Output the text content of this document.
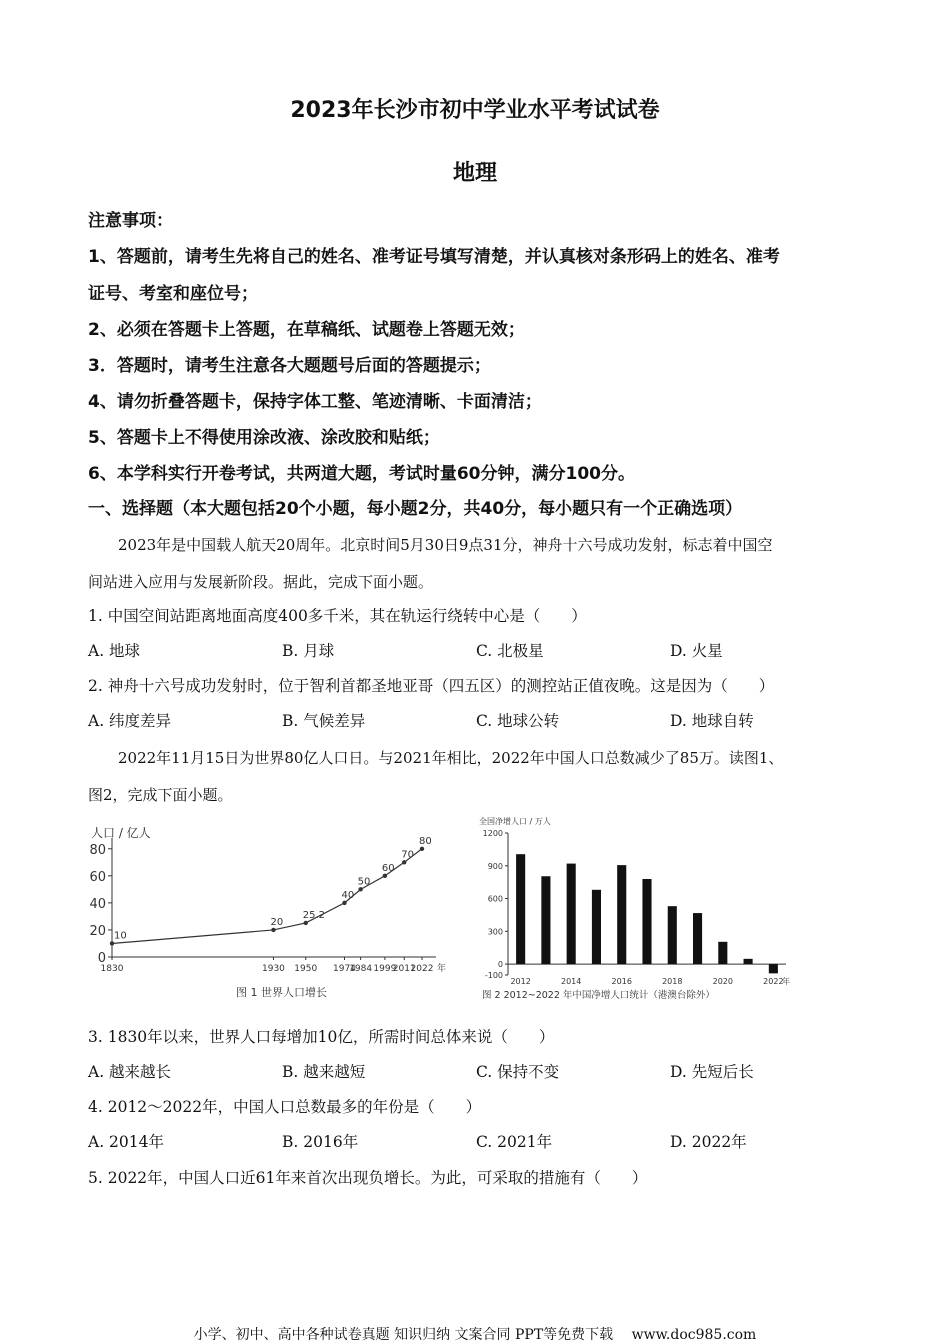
2023年长沙市初中学业水平考试试卷
地理
注意事项：
1、答题前，请考生先将自己的姓名、准考证号填写清楚，并认真核对条形码上的姓名、准考
证号、考室和座位号；
2、必须在答题卡上答题，在草稿纸、试题卷上答题无效；
3．答题时，请考生注意各大题题号后面的答题提示；
4、请勿折叠答题卡，保持字体工整、笔迹清晰、卡面清洁；
5、答题卡上不得使用涂改液、涂改胶和贴纸；
6、本学科实行开卷考试，共两道大题，考试时量60分钟，满分100分。
一、选择题（本大题包括20个小题，每小题2分，共40分，每小题只有一个正确选项）
2023年是中国载人航天20周年。北京时间5月30日9点31分，神舟十六号成功发射，标志着中国空
间站进入应用与发展新阶段。据此，完成下面小题。
1. 中国空间站距离地面高度400多千米，其在轨运行绕转中心是（　　）
A. 地球	B. 月球	C. 北极星	D. 火星
2. 神舟十六号成功发射时，位于智利首都圣地亚哥（四五区）的测控站正值夜晚。这是因为（　　）
A. 纬度差异	B. 气候差异	C. 地球公转	D. 地球自转
2022年11月15日为世界80亿人口日。与2021年相比，2022年中国人口总数减少了85万。读图1、
图2，完成下面小题。
人口 / 亿人
0
20
40
60
80
10
20
25.2
40
50
60
70
80
1830	1930 1950 1974
1984 1999
2011
2022 年
图 1 世界人口增长
全国净增人口 / 万人
-100
0
300
600
900
1200
2012	2014	2016	2018	2020	2022
年
图 2 2012~2022 年中国净增人口统计（港澳台除外）
3. 1830年以来，世界人口每增加10亿，所需时间总体来说（　　）
A. 越来越长	B. 越来越短	C. 保持不变	D. 先短后长
4. 2012～2022年，中国人口总数最多的年份是（　　）
A. 2014年	B. 2016年	C. 2021年	D. 2022年
5. 2022年，中国人口近61年来首次出现负增长。为此，可采取的措施有（　　）
小学、初中、高中各种试卷真题 知识归纳 文案合同 PPT等免费下载　 www.doc985.com
